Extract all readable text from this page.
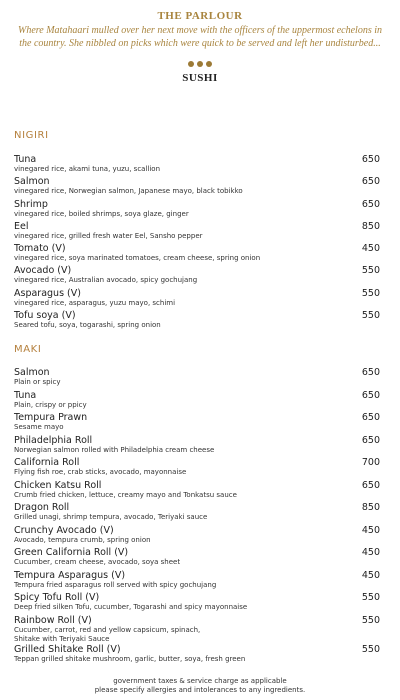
THE PARLOUR
Where Matahaari mulled over her next move with the officers of the uppermost echelons in the country. She nibbled on picks which were quick to be served and left her undisturbed...
SUSHI
NIGIRI
Tuna
vinegared rice, akami tuna, yuzu, scallion
650
Salmon
vinegared rice, Norwegian salmon, Japanese mayo, black tobikko
650
Shrimp
vinegared rice, boiled shrimps, soya glaze, ginger
650
Eel
vinegared rice, grilled fresh water Eel, Sansho pepper
850
Tomato (V)
vinegared rice, soya marinated tomatoes, cream cheese, spring onion
450
Avocado (V)
vinegared rice, Australian avocado, spicy gochujang
550
Asparagus (V)
vinegared rice, asparagus, yuzu mayo, schimi
550
Tofu soya (V)
Seared tofu, soya, togarashi, spring onion
550
MAKI
Salmon
Plain or spicy
650
Tuna
Plain, crispy or ppicy
650
Tempura Prawn
Sesame mayo
650
Philadelphia Roll
Norwegian salmon rolled with Philadelphia cream cheese
650
California Roll
Flying fish roe, crab sticks, avocado, mayonnaise
700
Chicken Katsu Roll
Crumb fried chicken, lettuce, creamy mayo and Tonkatsu sauce
650
Dragon Roll
Grilled unagi, shrimp tempura, avocado, Teriyaki sauce
850
Crunchy Avocado (V)
Avocado, tempura crumb, spring onion
450
Green California Roll (V)
Cucumber, cream cheese, avocado, soya sheet
450
Tempura Asparagus (V)
Tempura fried asparagus roll served with spicy gochujang
450
Spicy Tofu Roll (V)
Deep fried silken Tofu, cucumber, Togarashi and spicy mayonnaise
550
Rainbow Roll (V)
Cucumber, carrot, red and yellow capsicum, spinach,
Shitake with Teriyaki Sauce
550
Grilled Shitake Roll (V)
Teppan grilled shitake mushroom, garlic, butter, soya, fresh green
550
government taxes & service charge as applicable
please specify allergies and intolerances to any ingredients.
